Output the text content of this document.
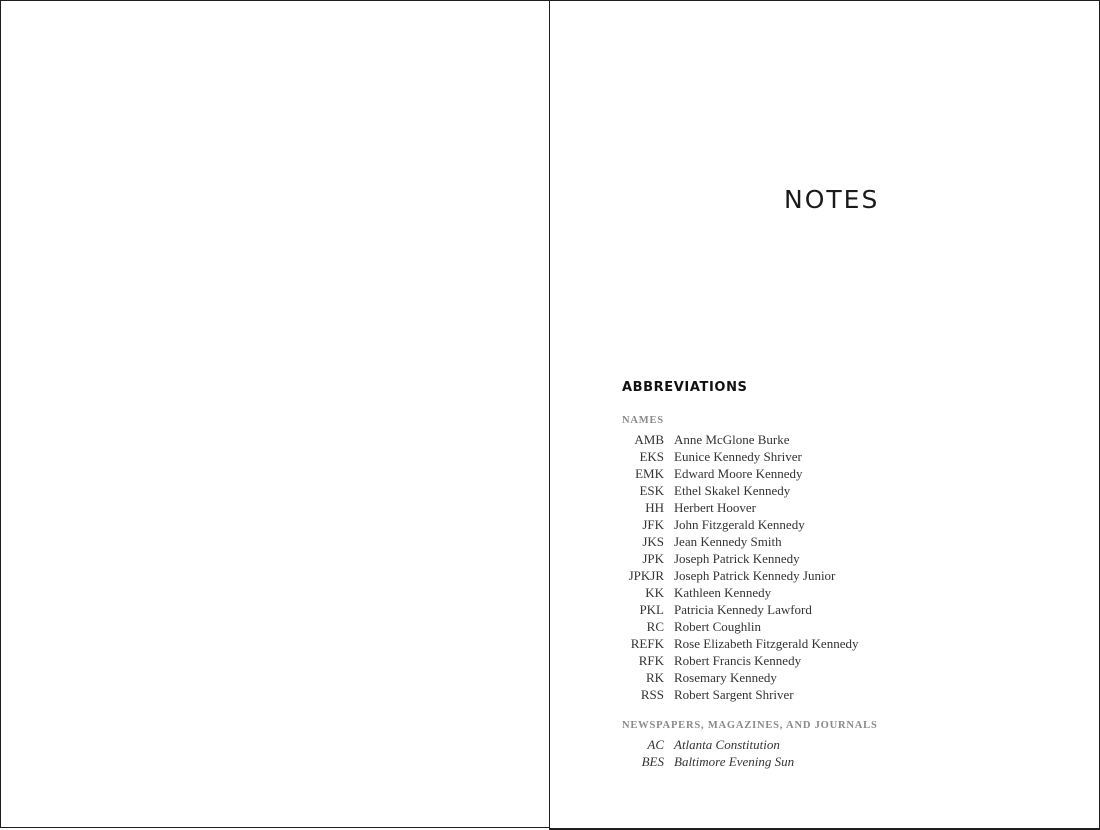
NOTES
ABBREVIATIONS
NAMES
AMB Anne McGlone Burke
EKS Eunice Kennedy Shriver
EMK Edward Moore Kennedy
ESK Ethel Skakel Kennedy
HH Herbert Hoover
JFK John Fitzgerald Kennedy
JKS Jean Kennedy Smith
JPK Joseph Patrick Kennedy
JPKJR Joseph Patrick Kennedy Junior
KK Kathleen Kennedy
PKL Patricia Kennedy Lawford
RC Robert Coughlin
REFK Rose Elizabeth Fitzgerald Kennedy
RFK Robert Francis Kennedy
RK Rosemary Kennedy
RSS Robert Sargent Shriver
NEWSPAPERS, MAGAZINES, AND JOURNALS
AC Atlanta Constitution
BES Baltimore Evening Sun
